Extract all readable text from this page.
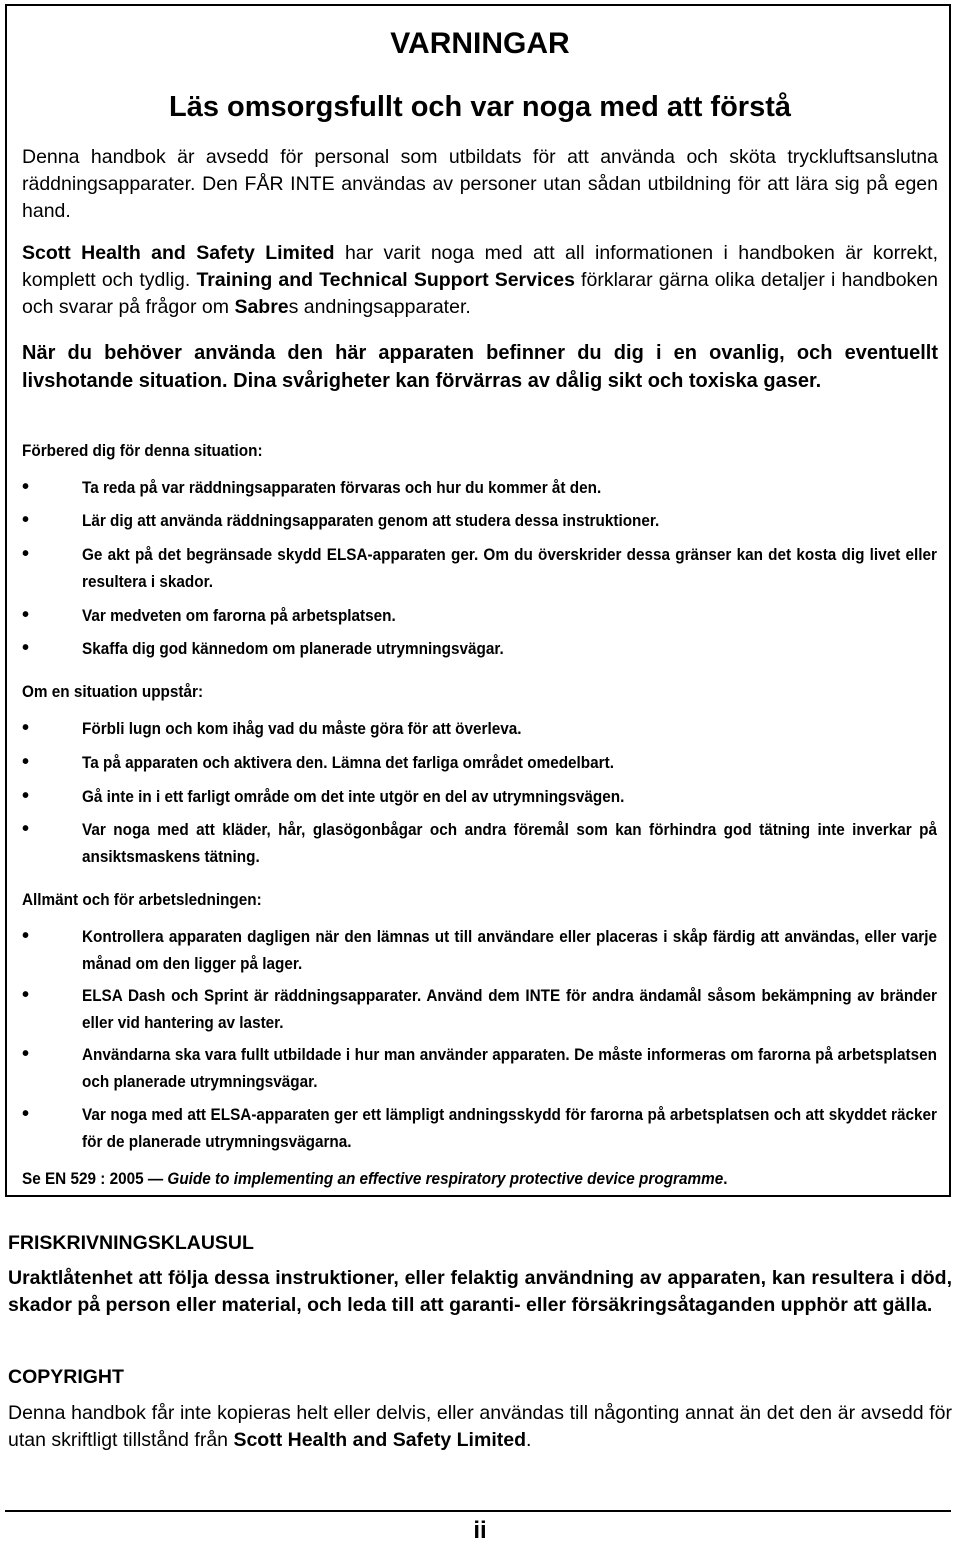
VARNINGAR
Läs omsorgsfullt och var noga med att förstå
Denna handbok är avsedd för personal som utbildats för att använda och sköta tryckluftsanslutna räddningsapparater. Den FÅR INTE användas av personer utan sådan utbildning för att lära sig på egen hand.
Scott Health and Safety Limited har varit noga med att all informationen i handboken är korrekt, komplett och tydlig. Training and Technical Support Services förklarar gärna olika detaljer i handboken och svarar på frågor om Sabres andningsapparater.
När du behöver använda den här apparaten befinner du dig i en ovanlig, och eventuellt livshotande situation. Dina svårigheter kan förvärras av dålig sikt och toxiska gaser.
Förbered dig för denna situation:
•	Ta reda på var räddningsapparaten förvaras och hur du kommer åt den.
•	Lär dig att använda räddningsapparaten genom att studera dessa instruktioner.
•	Ge akt på det begränsade skydd ELSA-apparaten ger. Om du överskrider dessa gränser kan det kosta dig livet eller resultera i skador.
•	Var medveten om farorna på arbetsplatsen.
•	Skaffa dig god kännedom om planerade utrymningsvägar.
Om en situation uppstår:
•	Förbli lugn och kom ihåg vad du måste göra för att överleva.
•	Ta på apparaten och aktivera den. Lämna det farliga området omedelbart.
•	Gå inte in i ett farligt område om det inte utgör en del av utrymningsvägen.
•	Var noga med att kläder, hår, glasögonbågar och andra föremål som kan förhindra god tätning inte inverkar på ansiktsmaskens tätning.
Allmänt och för arbetsledningen:
•	Kontrollera apparaten dagligen när den lämnas ut till användare eller placeras i skåp färdig att användas, eller varje månad om den ligger på lager.
•	ELSA Dash och Sprint är räddningsapparater. Använd dem INTE för andra ändamål såsom bekämpning av bränder eller vid hantering av laster.
•	Användarna ska vara fullt utbildade i hur man använder apparaten. De måste informeras om farorna på arbetsplatsen och planerade utrymningsvägar.
•	Var noga med att ELSA-apparaten ger ett lämpligt andningsskydd för farorna på arbetsplatsen och att skyddet räcker för de planerade utrymningsvägarna.
Se EN 529 : 2005 — Guide to implementing an effective respiratory protective device programme.
FRISKRIVNINGSKLAUSUL
Uraktlåtenhet att följa dessa instruktioner, eller felaktig användning av apparaten, kan resultera i död, skador på person eller material, och leda till att garanti- eller försäkringsåtaganden upphör att gälla.
COPYRIGHT
Denna handbok får inte kopieras helt eller delvis, eller användas till någonting annat än det den är avsedd för utan skriftligt tillstånd från Scott Health and Safety Limited.
ii
